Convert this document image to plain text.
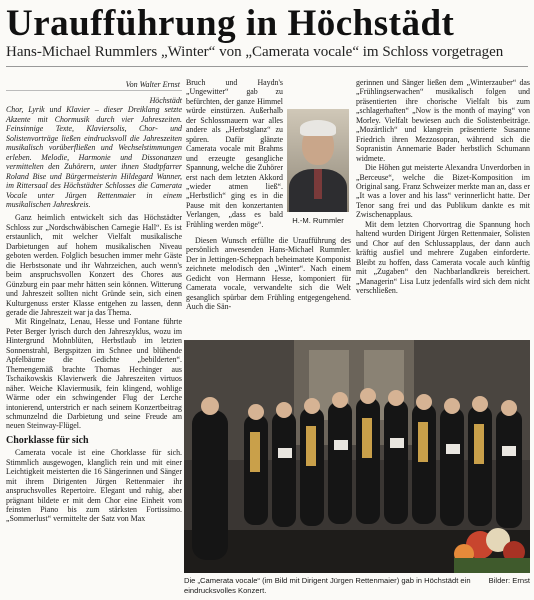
Uraufführung in Höchstädt
Hans-Michael Rummlers „Winter“ von „Camerata vocale“ im Schloss vorgetragen
Von Walter Ernst

Höchstädt

Chor, Lyrik und Klavier – dieser Dreiklang setzte Akzente mit Chormusik durch vier Jahreszeiten. Feinsinnige Texte, Klaviersolis, Chor- und Solistenvorträge ließen eindrucksvoll die Jahreszeiten musikalisch vorüberfließen und Wechselstimmungen erleben. Melodie, Harmonie und Dissonanzen vermittelten den Zuhörern, unter ihnen Stadtpfarrer Roland Bise und Bürgermeisterin Hildegard Wanner, im Rittersaal des Höchstädter Schlosses die Camerata Vocale unter Jürgen Rettenmaier in einem musikalischen Jahreskreis.

Ganz heimlich entwickelt sich das Höchstädter Schloss zur „Nordschwäbischen Carnegie Hall“. Es ist erstaunlich, mit welcher Vielfalt musikalische Darbietungen auf hohem musikalischen Niveau geboten werden. Folglich besuchen immer mehr Gäste die Herbstsonate und ihr Wahrzeichen, auch wenn's beim anspruchsvollen Konzert des Chores aus Günzburg ein paar mehr hätten sein können. Witterung und Jahreszeit sollten nicht Gründe sein, sich einen Kulturgenuss erster Klasse entgehen zu lassen, denn gerade die Jahreszeit war ja das Thema.

Mit Ringelnatz, Lenau, Hesse und Fontane führte Peter Berger lyrisch durch den Jahreszyklus, wozu im Hintergrund Mohnblüten, Herbstlaub im letzten Sonnenstrahl, Bergspitzen im Schnee und blühende Apfelbäume die Gedichte „bebilderten“. Themengemäß brachte Thomas Hechinger aus Tschaikowskis Klavierwerk die Jahreszeiten virtuos näher. Weiche Klaviermusik, fein klingend, wohlige Wärme oder ein schwingender Flug der Lerche intonierend, unterstrich er nach seinem Konzertbeitrag schmunzelnd die Darbietung und seine Freude am neuen Steinway-Flügel.

Chorklasse für sich

Camerata vocale ist eine Chorklasse für sich. Stimmlich ausgewogen, klanglich rein und mit einer Leichtigkeit meisterten die 16 Sängerinnen und Sänger mit ihrem Dirigenten Jürgen Rettenmaier ihr anspruchsvolles Repertoire. Elegant und ruhig, aber prägnant bildete er mit dem Chor eine Einheit vom feinsten Piano bis zum stärksten Fortissimo. „Sommerlust“ vermittelte der Satz von Max

Bruch und Haydn's „Ungewitter“ gab zu befürchten, der ganze Himmel würde einstürzen. Außerhalb der Schlossmauern war alles andere als „Herbstglanz“ zu spüren. Dafür glänzte Camerata vocale mit Brahms und erzeugte gesangliche Spannung, welche die Zuhörer erst nach dem letzten Akkord „wieder atmen ließ“. „Herbstlich“ ging es in die Pause mit den konzertanten Verlangen, „dass es bald Frühling werden möge“.

Diesen Wunsch erfüllte die Uraufführung des persönlich anwesenden Hans-Michael Rummler. Der in Jettingen-Scheppach beheimatete Komponist zeichnete melodisch den „Winter“. Nach einem Gedicht von Hermann Hesse, komponiert für Camerata vocale, verwandelte sich die Welt gesanglich spürbar dem Frühling entgegengehend. Auch die Sän-

H.-M. Rummler

gerinnen und Sänger ließen dem „Winterzauber“ das „Frühlingserwachen“ musikalisch folgen und präsentierten ihre chorische Vielfalt bis zum „schlagerhaften“ „Now is the month of maying“ von Morley. Vielfalt bewiesen auch die Solistenbeiträge. „Mozärtlich“ und klangrein präsentierte Susanne Friedrich ihren Mezzosopran, während sich die Sopranistin Annemarie Bader herbstlich Schumann widmete.

Die Höhen gut meisterte Alexandra Unverdorben in „Berceuse“, welche die Bizet-Komposition im Original sang. Franz Schweizer merkte man an, dass er „It was a lover and his lass“ verinnerlicht hatte. Der Tenor sang frei und das Publikum dankte es mit Zwischenapplaus.

Mit dem letzten Chorvortrag die Spannung hoch haltend wurden Dirigent Jürgen Rettenmaier, Solisten und Chor auf den Schlussapplaus, der dann auch kräftig ausfiel und mehrere Zugaben einforderte. Bleibt zu hoffen, dass Camerata vocale auch künftig mit „Zugaben“ den Nachbarlandkreis bereichert. „Managerin“ Lisa Lutz jedenfalls wird sich dem nicht verschließen.

Bilder: Ernst
Die „Camerata vocale“ (im Bild mit Dirigent Jürgen Rettenmaier) gab in Höchstädt ein eindrucksvolles Konzert.
